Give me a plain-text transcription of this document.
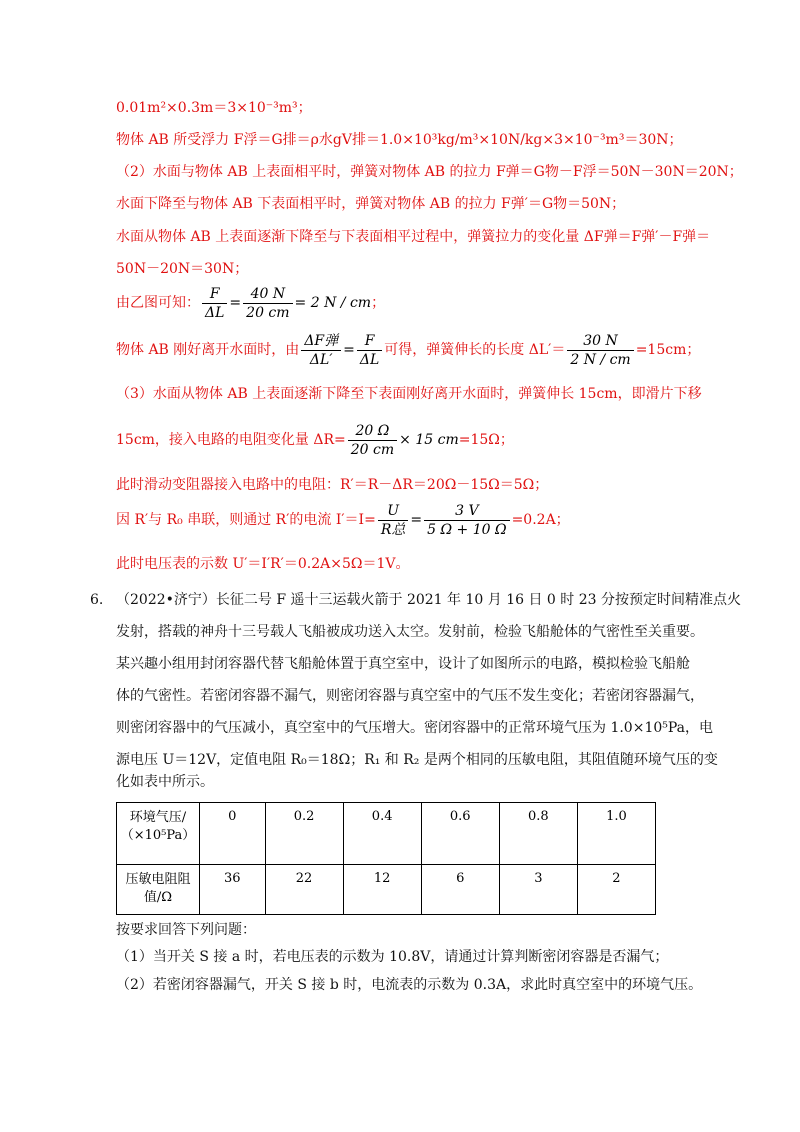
0.01m²×0.3m＝3×10⁻³m³；
物体 AB 所受浮力 F浮＝G排＝ρ水gV排＝1.0×10³kg/m³×10N/kg×3×10⁻³m³＝30N；
（2）水面与物体 AB 上表面相平时，弹簧对物体 AB 的拉力 F弹＝G物－F浮＝50N－30N＝20N；
水面下降至与物体 AB 下表面相平时，弹簧对物体 AB 的拉力 F弹′＝G物＝50N；
水面从物体 AB 上表面逐渐下降至与下表面相平过程中，弹簧拉力的变化量 ΔF弹＝F弹′－F弹＝
50N－20N＝30N；
由乙图可知： $\frac{F}{\Delta L} = \frac{40 N}{20 cm} = 2$ N / cm；
物体 AB 刚好离开水面时，由 $\frac{\text{ΔF弹}}{\Delta L'} = \frac{F}{\Delta L}$ 可得，弹簧伸长的长度 $\Delta L'= \frac{30 N}{2 N / cm} =15cm$；
（3）水面从物体 AB 上表面逐渐下降至下表面刚好离开水面时，弹簧伸长 15cm，即滑片下移
15cm，接入电路的电阻变化量 $\Delta R= \frac{20 \Omega}{20 cm} \times 15$ cm=15Ω；
此时滑动变阻器接入电路中的电阻：R′＝R－ΔR＝20Ω－15Ω＝5Ω；
因 R′与 R₀ 串联，则通过 R′的电流 $I'=I= \frac{U}{\text{R总}} = \frac{3 V}{5 \Omega + 10 \Omega} =0.2A$；
此时电压表的示数 U′＝I′R′＝0.2A×5Ω＝1V。
6. （2022•济宁）长征二号 F 遥十三运载火箭于 2021 年 10 月 16 日 0 时 23 分按预定时间精准点火
发射，搭载的神舟十三号载人飞船被成功送入太空。发射前，检验飞船舱体的气密性至关重要。
某兴趣小组用封闭容器代替飞船舱体置于真空室中，设计了如图所示的电路，模拟检验飞船舱
体的气密性。若密闭容器不漏气，则密闭容器与真空室中的气压不发生变化；若密闭容器漏气，
则密闭容器中的气压减小，真空室中的气压增大。密闭容器中的正常环境气压为 1.0×10⁵Pa，电
源电压 U＝12V，定值电阻 R₀＝18Ω；R₁ 和 R₂ 是两个相同的压敏电阻，其阻值随环境气压的变
化如表中所示。
环境气压/（×10⁵Pa）	0	0.2	0.4	0.6	0.8	1.0
压敏电阻阻值/Ω	36	22	12	6	3	2
按要求回答下列问题：
（1）当开关 S 接 a 时，若电压表的示数为 10.8V，请通过计算判断密闭容器是否漏气；
（2）若密闭容器漏气，开关 S 接 b 时，电流表的示数为 0.3A，求此时真空室中的环境气压。
